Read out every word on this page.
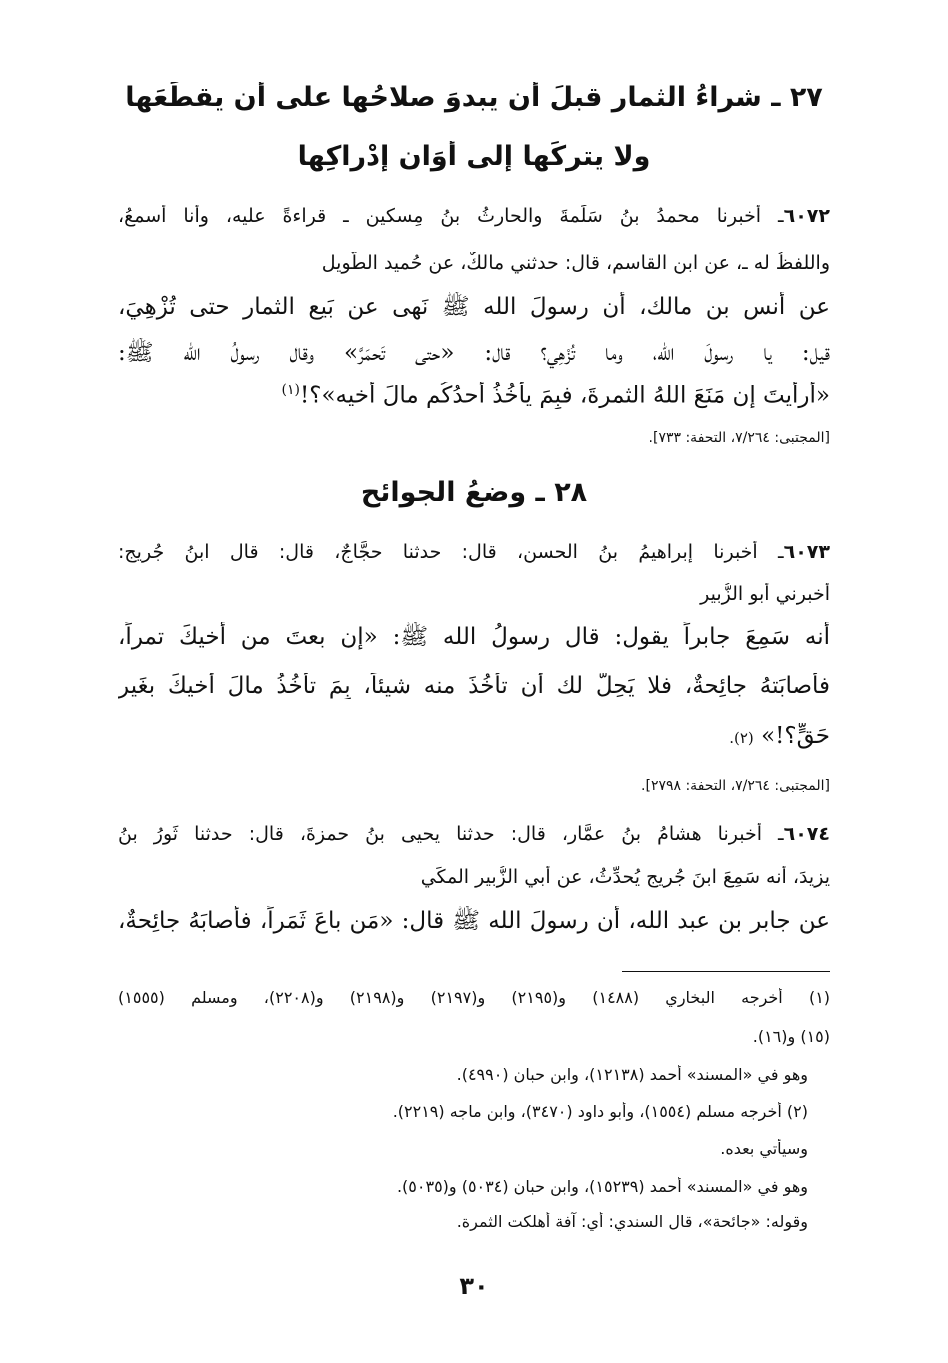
٢٧ ـ شراءُ الثمار قبلَ أن يبدوَ صلاحُها على أن يقطَعَها
ولا يتركَها إلى أوَان إدْراكِها
٦٠٧٢ـ أخبرنا محمدُ بنُ سَلَمةَ والحارثُ بنُ مِسكين ـ قراءةً عليه، وأنا أسمعُ،
واللفظُ له ـ، عن ابن القاسم، قال: حدثني مالكٌ، عن حُميد الطَّويل
عن أنس بن مالك، أن رسولَ الله ﷺ نَهى عن بَيع الثمار حتى تُزْهِيَ،
قيل: يا رسولَ الله، وما تُزْهِي؟ قال: «حتى تَحمَرَّ» وقال رسولُ الله ﷺ:
«أرأيتَ إن مَنَعَ اللهُ الثمرةَ، فبِمَ يأخُذُ أحدُكُم مالَ أخيه»؟!$^{(١)}$
[المجتبى: ٧/٢٦٤، التحفة: ٧٣٣].
٢٨ ـ وضعُ الجوائح
٦٠٧٣ـ أخبرنا إبراهيمُ بنُ الحسن، قال: حدثنا حجَّاجٌ، قال: قال ابنُ جُريج:
أخبرني أبو الزُّبير
أنه سَمِعَ جابراً يقول: قال رسولُ الله ﷺ: «إن بعتَ من أخيكَ تمراً،
فأصابَتهُ جائِحةٌ، فلا يَحِلُّ لك أن تأخُذَ منه شيئاً، بِمَ تأخُذُ مالَ أخيكَ بغَير
حَقٍّ؟!» (٢).
[المجتبى: ٧/٢٦٤، التحفة: ٢٧٩٨].
٦٠٧٤ـ أخبرنا هشامُ بنُ عمَّار، قال: حدثنا يحيى بنُ حمزةَ، قال: حدثنا ثَورُ بنُ
يزيدَ، أنه سَمِعَ ابنَ جُريج يُحدِّثُ، عن أبي الزُّبير المكِّي
عن جابر بن عبد الله، أن رسولَ الله ﷺ قال: «مَن باعَ ثَمَراً، فأصابَهُ جائِحةٌ،
(١) أخرجه البخاري (١٤٨٨) و(٢١٩٥) و(٢١٩٧) و(٢١٩٨) و(٢٢٠٨)، ومسلم (١٥٥٥)
(١٥) و(١٦).
وهو في «المسند» أحمد (١٢١٣٨)، وابن حبان (٤٩٩٠).
(٢) أخرجه مسلم (١٥٥٤)، وأبو داود (٣٤٧٠)، وابن ماجه (٢٢١٩).
وسيأتي بعده.
وهو في «المسند» أحمد (١٥٢٣٩)، وابن حبان (٥٠٣٤) و(٥٠٣٥).
وقوله: «جائحة»، قال السندي: أي: آفة أهلكت الثمرة.
٣٠
